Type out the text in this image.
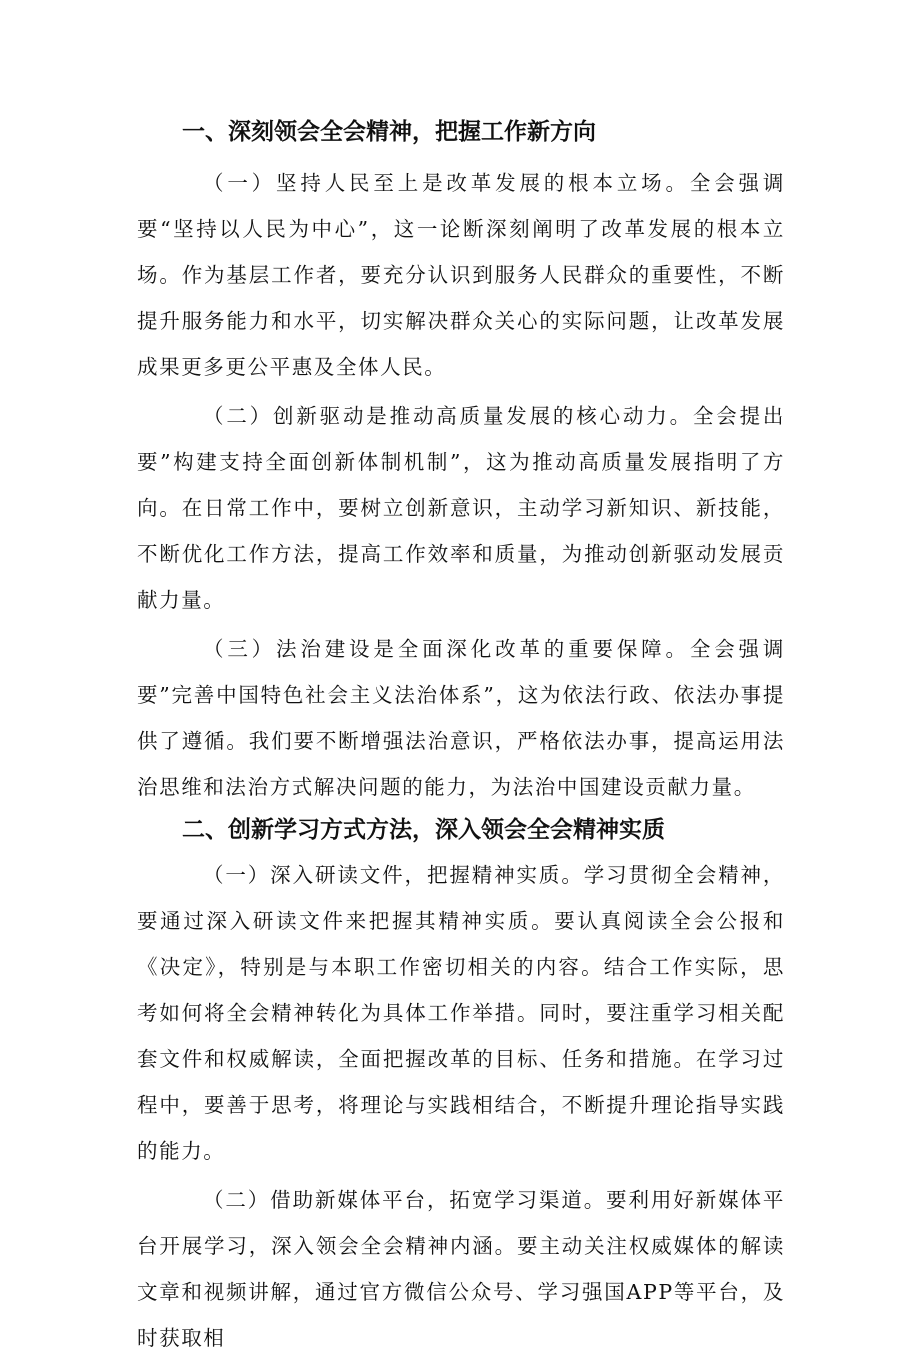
一、深刻领会全会精神，把握工作新方向

（一）坚持人民至上是改革发展的根本立场。全会强调要“坚持以人民为中心”，这一论断深刻阐明了改革发展的根本立场。作为基层工作者，要充分认识到服务人民群众的重要性，不断提升服务能力和水平，切实解决群众关心的实际问题，让改革发展成果更多更公平惠及全体人民。

（二）创新驱动是推动高质量发展的核心动力。全会提出要”构建支持全面创新体制机制”，这为推动高质量发展指明了方向。在日常工作中，要树立创新意识，主动学习新知识、新技能，不断优化工作方法，提高工作效率和质量，为推动创新驱动发展贡献力量。

（三）法治建设是全面深化改革的重要保障。全会强调要”完善中国特色社会主义法治体系”，这为依法行政、依法办事提供了遵循。我们要不断增强法治意识，严格依法办事，提高运用法治思维和法治方式解决问题的能力，为法治中国建设贡献力量。

二、创新学习方式方法，深入领会全会精神实质

（一）深入研读文件，把握精神实质。学习贯彻全会精神，要通过深入研读文件来把握其精神实质。要认真阅读全会公报和《决定》，特别是与本职工作密切相关的内容。结合工作实际，思考如何将全会精神转化为具体工作举措。同时，要注重学习相关配套文件和权威解读，全面把握改革的目标、任务和措施。在学习过程中，要善于思考，将理论与实践相结合，不断提升理论指导实践的能力。

（二）借助新媒体平台，拓宽学习渠道。要利用好新媒体平台开展学习，深入领会全会精神内涵。要主动关注权威媒体的解读文章和视频讲解，通过官方微信公众号、学习强国APP等平台，及时获取相
